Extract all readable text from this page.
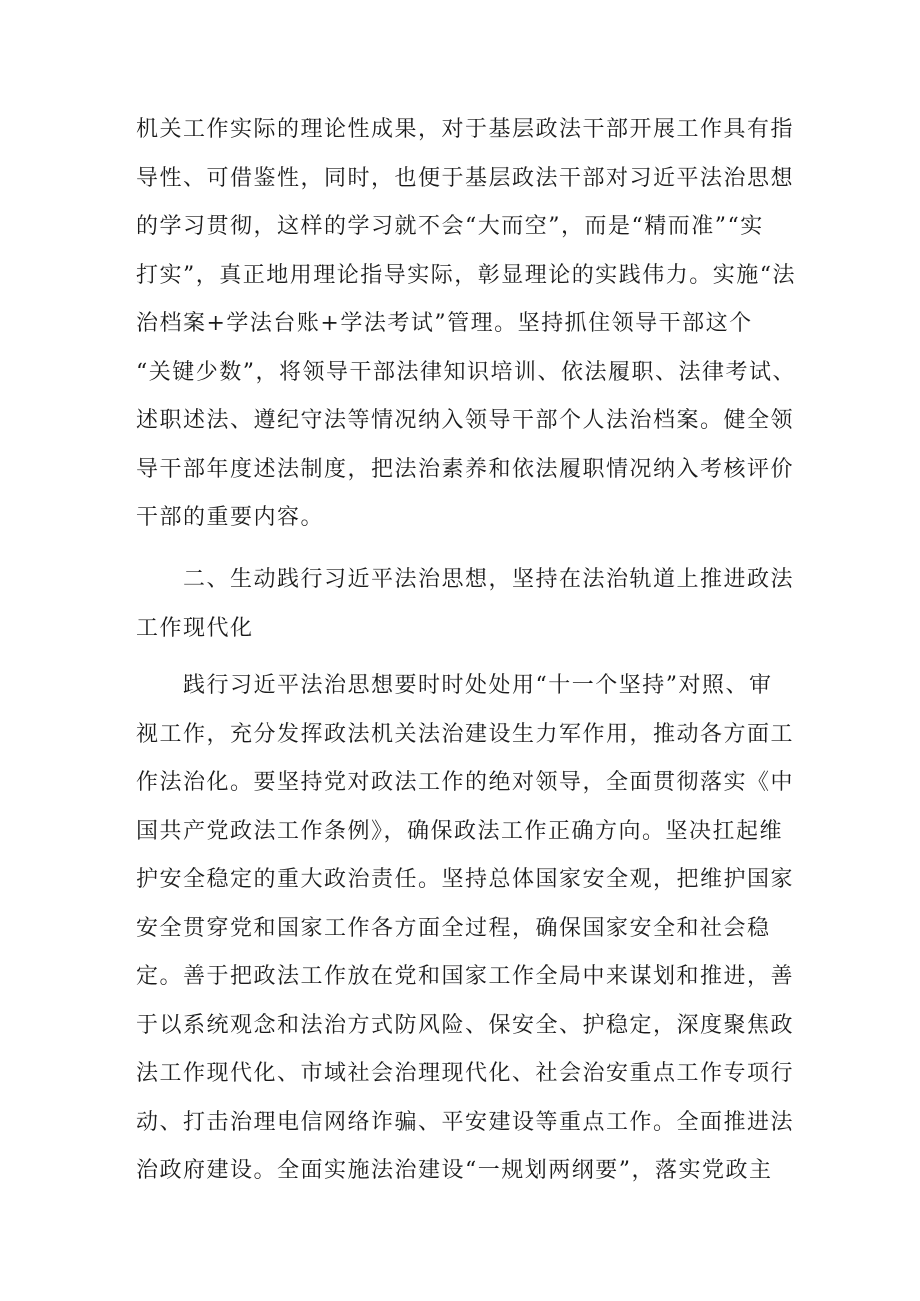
机关工作实际的理论性成果，对于基层政法干部开展工作具有指
导性、可借鉴性，同时，也便于基层政法干部对习近平法治思想
的学习贯彻，这样的学习就不会“大而空”，而是“精而准”“实
打实”，真正地用理论指导实际，彰显理论的实践伟力。实施“法
治档案+学法台账+学法考试”管理。坚持抓住领导干部这个
“关键少数”，将领导干部法律知识培训、依法履职、法律考试、
述职述法、遵纪守法等情况纳入领导干部个人法治档案。健全领
导干部年度述法制度，把法治素养和依法履职情况纳入考核评价
干部的重要内容。
　　二、生动践行习近平法治思想，坚持在法治轨道上推进政法
工作现代化
　　践行习近平法治思想要时时处处用“十一个坚持”对照、审
视工作，充分发挥政法机关法治建设生力军作用，推动各方面工
作法治化。要坚持党对政法工作的绝对领导，全面贯彻落实《中
国共产党政法工作条例》，确保政法工作正确方向。坚决扛起维
护安全稳定的重大政治责任。坚持总体国家安全观，把维护国家
安全贯穿党和国家工作各方面全过程，确保国家安全和社会稳
定。善于把政法工作放在党和国家工作全局中来谋划和推进，善
于以系统观念和法治方式防风险、保安全、护稳定，深度聚焦政
法工作现代化、市域社会治理现代化、社会治安重点工作专项行
动、打击治理电信网络诈骗、平安建设等重点工作。全面推进法
治政府建设。全面实施法治建设“一规划两纲要”，落实党政主
